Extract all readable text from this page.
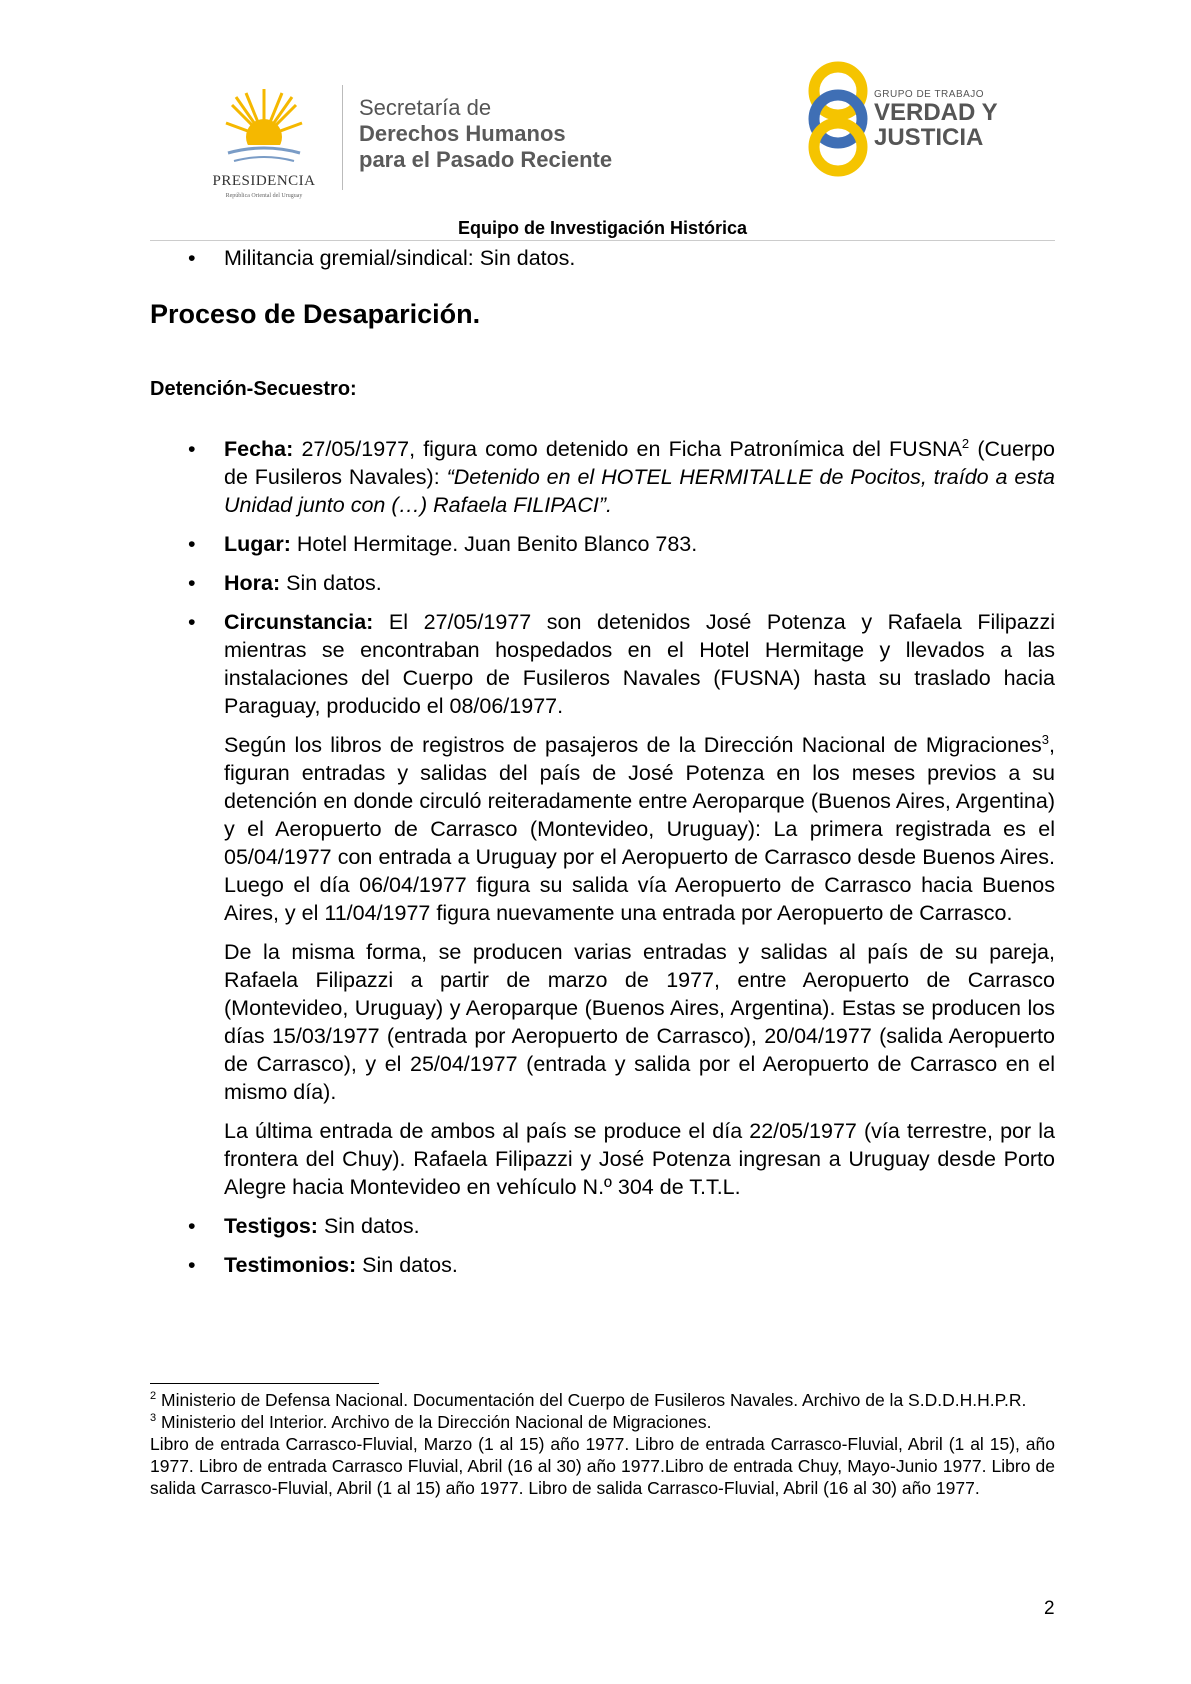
PRESIDENCIA
República Oriental del Uruguay
Secretaría de
Derechos Humanos
para el Pasado Reciente
GRUPO DE TRABAJO
VERDAD Y
JUSTICIA
Equipo de Investigación Histórica

• Militancia gremial/sindical: Sin datos.

Proceso de Desaparición.

Detención-Secuestro:

• Fecha: 27/05/1977, figura como detenido en Ficha Patronímica del FUSNA$^2$ (Cuerpo de Fusileros Navales): “Detenido en el HOTEL HERMITALLE de Pocitos, traído a esta Unidad junto con (…) Rafaela FILIPACI”.

• Lugar: Hotel Hermitage. Juan Benito Blanco 783.

• Hora: Sin datos.

• Circunstancia: El 27/05/1977 son detenidos José Potenza y Rafaela Filipazzi mientras se encontraban hospedados en el Hotel Hermitage y llevados a las instalaciones del Cuerpo de Fusileros Navales (FUSNA) hasta su traslado hacia Paraguay, producido el 08/06/1977.

Según los libros de registros de pasajeros de la Dirección Nacional de Migraciones$^3$, figuran entradas y salidas del país de José Potenza en los meses previos a su detención en donde circuló reiteradamente entre Aeroparque (Buenos Aires, Argentina) y el Aeropuerto de Carrasco (Montevideo, Uruguay): La primera registrada es el 05/04/1977 con entrada a Uruguay por el Aeropuerto de Carrasco desde Buenos Aires. Luego el día 06/04/1977 figura su salida vía Aeropuerto de Carrasco hacia Buenos Aires, y el 11/04/1977 figura nuevamente una entrada por Aeropuerto de Carrasco.

De la misma forma, se producen varias entradas y salidas al país de su pareja, Rafaela Filipazzi a partir de marzo de 1977, entre Aeropuerto de Carrasco (Montevideo, Uruguay) y Aeroparque (Buenos Aires, Argentina). Estas se producen los días 15/03/1977 (entrada por Aeropuerto de Carrasco), 20/04/1977 (salida Aeropuerto de Carrasco), y el 25/04/1977 (entrada y salida por el Aeropuerto de Carrasco en el mismo día).

La última entrada de ambos al país se produce el día 22/05/1977 (vía terrestre, por la frontera del Chuy). Rafaela Filipazzi y José Potenza ingresan a Uruguay desde Porto Alegre hacia Montevideo en vehículo N.º 304 de T.T.L.

• Testigos: Sin datos.

• Testimonios: Sin datos.

$^2$ Ministerio de Defensa Nacional. Documentación del Cuerpo de Fusileros Navales. Archivo de la S.D.D.H.H.P.R.

$^3$ Ministerio del Interior. Archivo de la Dirección Nacional de Migraciones.

Libro de entrada Carrasco-Fluvial, Marzo (1 al 15) año 1977. Libro de entrada Carrasco-Fluvial, Abril (1 al 15), año 1977. Libro de entrada Carrasco Fluvial, Abril (16 al 30) año 1977.Libro de entrada Chuy, Mayo-Junio 1977. Libro de salida Carrasco-Fluvial, Abril (1 al 15) año 1977. Libro de salida Carrasco-Fluvial, Abril (16 al 30) año 1977.

2
